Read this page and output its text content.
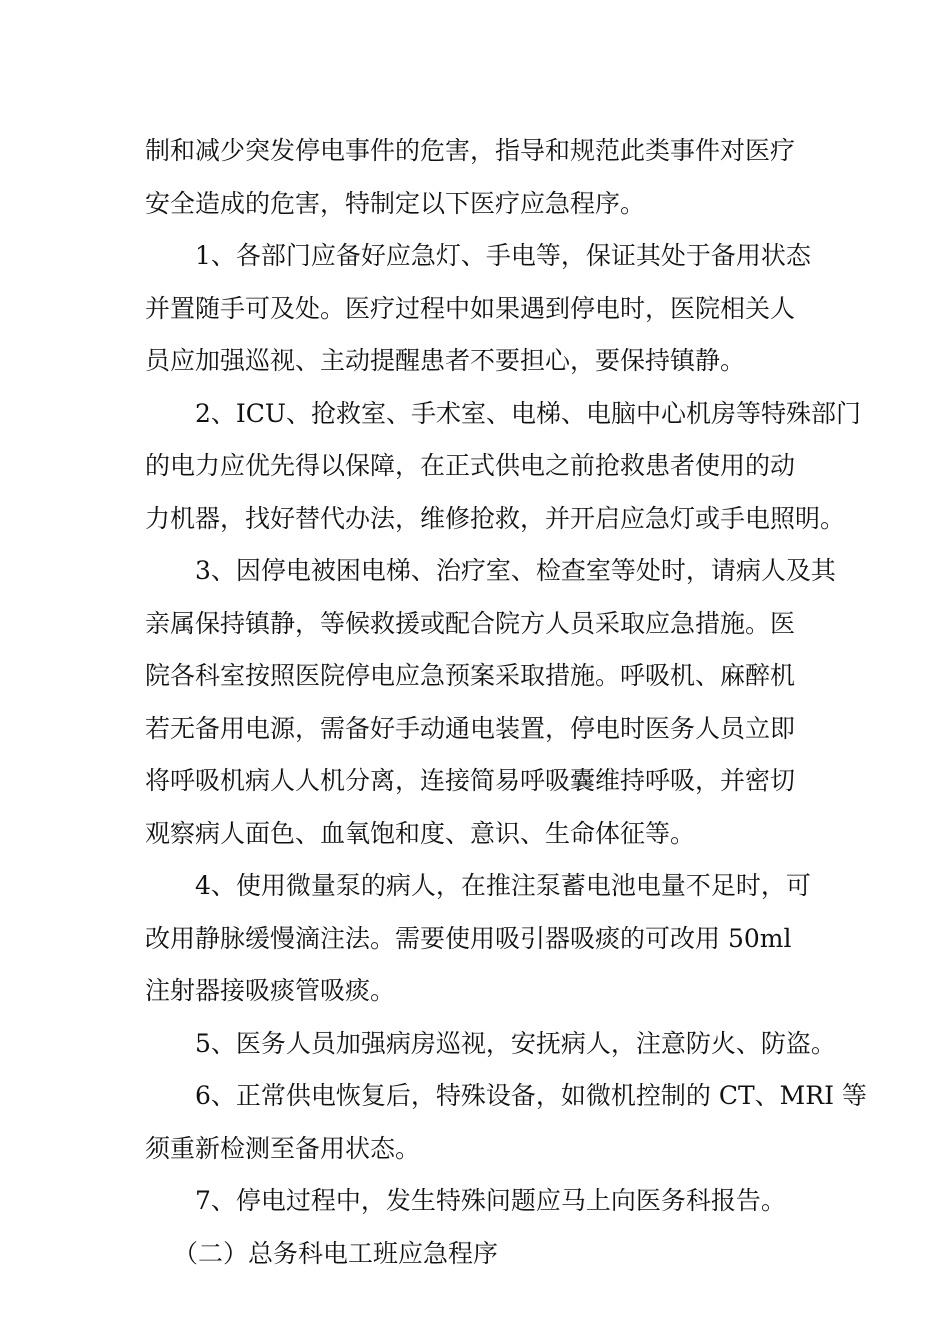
制和减少突发停电事件的危害，指导和规范此类事件对医疗
安全造成的危害，特制定以下医疗应急程序。
1、各部门应备好应急灯、手电等，保证其处于备用状态
并置随手可及处。医疗过程中如果遇到停电时，医院相关人
员应加强巡视、主动提醒患者不要担心，要保持镇静。
2、ICU、抢救室、手术室、电梯、电脑中心机房等特殊部门
的电力应优先得以保障，在正式供电之前抢救患者使用的动
力机器，找好替代办法，维修抢救，并开启应急灯或手电照明。
3、因停电被困电梯、治疗室、检查室等处时，请病人及其
亲属保持镇静，等候救援或配合院方人员采取应急措施。医
院各科室按照医院停电应急预案采取措施。呼吸机、麻醉机
若无备用电源，需备好手动通电装置，停电时医务人员立即
将呼吸机病人人机分离，连接简易呼吸囊维持呼吸，并密切
观察病人面色、血氧饱和度、意识、生命体征等。
4、使用微量泵的病人，在推注泵蓄电池电量不足时，可
改用静脉缓慢滴注法。需要使用吸引器吸痰的可改用 50ml
注射器接吸痰管吸痰。
5、医务人员加强病房巡视，安抚病人，注意防火、防盗。
6、正常供电恢复后，特殊设备，如微机控制的 CT、MRI 等
须重新检测至备用状态。
7、停电过程中，发生特殊问题应马上向医务科报告。
（二）总务科电工班应急程序
